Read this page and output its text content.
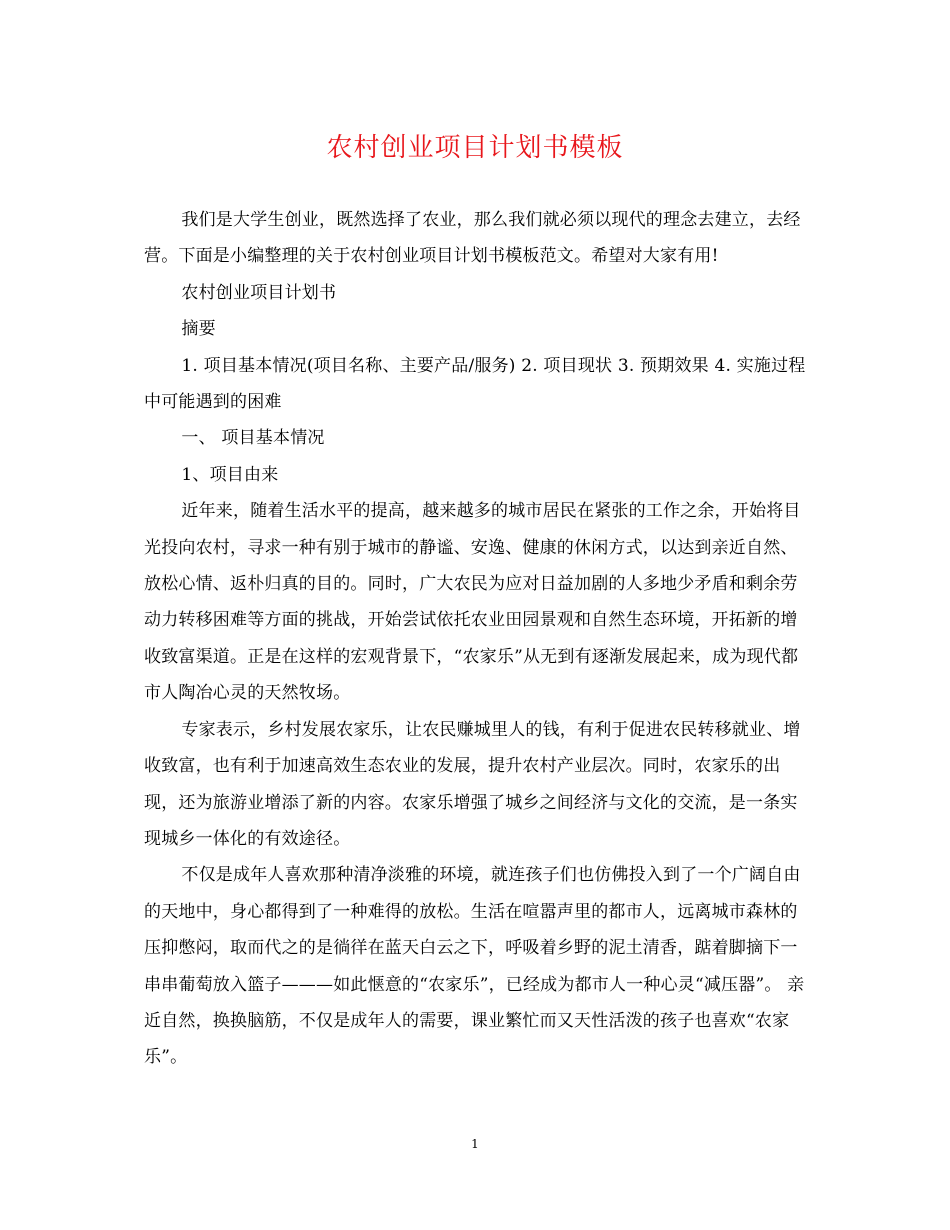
农村创业项目计划书模板

我们是大学生创业，既然选择了农业，那么我们就必须以现代的理念去建立，去经营。下面是小编整理的关于农村创业项目计划书模板范文。希望对大家有用!

农村创业项目计划书

摘要

1. 项目基本情况(项目名称、主要产品/服务) 2. 项目现状 3. 预期效果 4. 实施过程中可能遇到的困难

一、 项目基本情况

1、项目由来

近年来，随着生活水平的提高，越来越多的城市居民在紧张的工作之余，开始将目光投向农村，寻求一种有别于城市的静谧、安逸、健康的休闲方式，以达到亲近自然、放松心情、返朴归真的目的。同时，广大农民为应对日益加剧的人多地少矛盾和剩余劳动力转移困难等方面的挑战，开始尝试依托农业田园景观和自然生态环境，开拓新的增收致富渠道。正是在这样的宏观背景下，“农家乐”从无到有逐渐发展起来，成为现代都市人陶冶心灵的天然牧场。

专家表示，乡村发展农家乐，让农民赚城里人的钱，有利于促进农民转移就业、增收致富，也有利于加速高效生态农业的发展，提升农村产业层次。同时，农家乐的出现，还为旅游业增添了新的内容。农家乐增强了城乡之间经济与文化的交流，是一条实现城乡一体化的有效途径。

不仅是成年人喜欢那种清净淡雅的环境，就连孩子们也仿佛投入到了一个广阔自由的天地中，身心都得到了一种难得的放松。生活在喧嚣声里的都市人，远离城市森林的压抑憋闷，取而代之的是徜徉在蓝天白云之下，呼吸着乡野的泥土清香，踮着脚摘下一串串葡萄放入篮子———如此惬意的“农家乐”，已经成为都市人一种心灵“减压器”。 亲近自然，换换脑筋，不仅是成年人的需要，课业繁忙而又天性活泼的孩子也喜欢“农家乐”。

1
